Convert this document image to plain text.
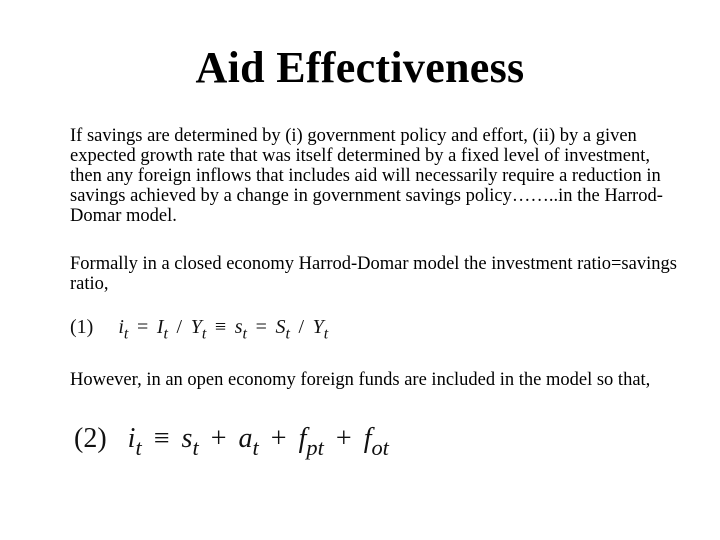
Aid Effectiveness

If savings are determined by (i) government policy and effort, (ii) by a given expected growth rate that was itself determined by a fixed level of investment, then any foreign inflows that includes aid will necessarily require a reduction in savings achieved by a change in government savings policy……..in the Harrod-Domar model.

Formally in a closed economy Harrod-Domar model the investment ratio=savings ratio,

(1) $i_t = I_t / Y_t \equiv s_t = S_t / Y_t$

However, in an open economy foreign funds are included in the model so that,

(2) $i_t \equiv s_t + a_t + f_{pt} + f_{ot}$
